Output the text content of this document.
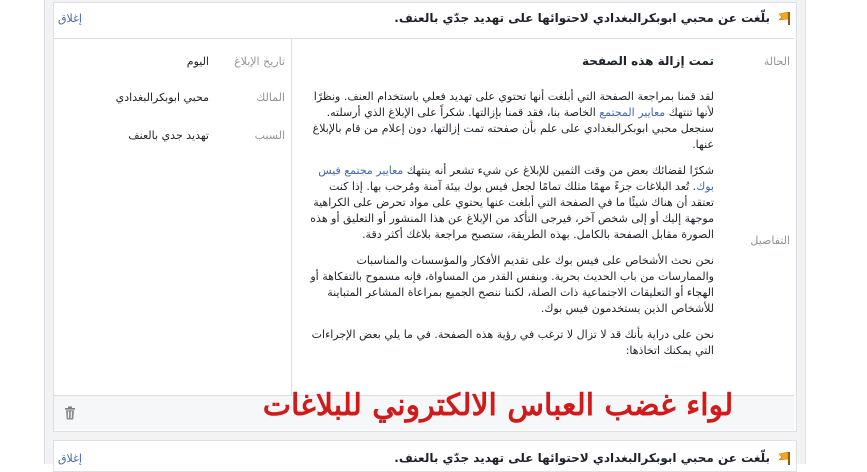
بلّغت عن محبي ابوبكرالبغدادي لاحتوائها على تهديد جدّي بالعنف.
إغلاق
الحالة
تمت إزالة هذه الصفحة
التفاصيل

لقد قمنا بمراجعة الصفحة التي أبلغت أنها تحتوي على تهديد فعلي باستخدام العنف. ونظرًا لأنها تنتهك معايير المجتمع الخاصة بنا، فقد قمنا بإزالتها. شكراً على الإبلاغ الذي أرسلته. سنجعل محبي ابوبكرالبغدادي على علم بأن صفحته تمت إزالتها، دون إعلام من قام بالإبلاغ عنها.

شكرًا لقضائك بعض من وقت الثمين للإبلاغ عن شيء تشعر أنه ينتهك معايير مجتمع فيس بوك. تُعد البلاغات جزءً مهمًا مثلك تمامًا لجعل فيس بوك بيئة آمنة ومُرحب بها. إذا كنت تعتقد أن هناك شيئًا ما في الصفحة التي أبلغت عنها يحتوي على مواد تحرض على الكراهية موجهة إليك أو إلى شخص آخر، فيرجى التأكد من الإبلاغ عن هذا المنشور أو التعليق أو هذه الصورة مقابل الصفحة بالكامل. بهذه الطريقة، ستصبح مراجعة بلاغك أكثر دقة.

نحن نحث الأشخاص على فيس بوك على تقديم الأفكار والمؤسسات والمناسبات والممارسات من باب الحديث بحرية. وبنفس القدر من المساواة، فإنه مسموح بالتفكاهة أو الهجاء أو التعليقات الاجتماعية ذات الصلة، لكننا ننصح الجميع بمراعاة المشاعر المتباينة للأشخاص الذين يستخدمون فيس بوك.

نحن على دراية بأنك قد لا تزال لا ترغب في رؤية هذه الصفحة. في ما يلي بعض الإجراءات التي يمكنك اتخاذها:

تاريخ الإبلاغ
اليوم
المالك
محبي ابوبكرالبغدادي
السبب
تهديد جدي بالعنف
لواء غضب العباس الالكتروني للبلاغات
بلّغت عن محبي ابوبكرالبغدادي لاحتوائها على تهديد جدّي بالعنف.
إغلاق
